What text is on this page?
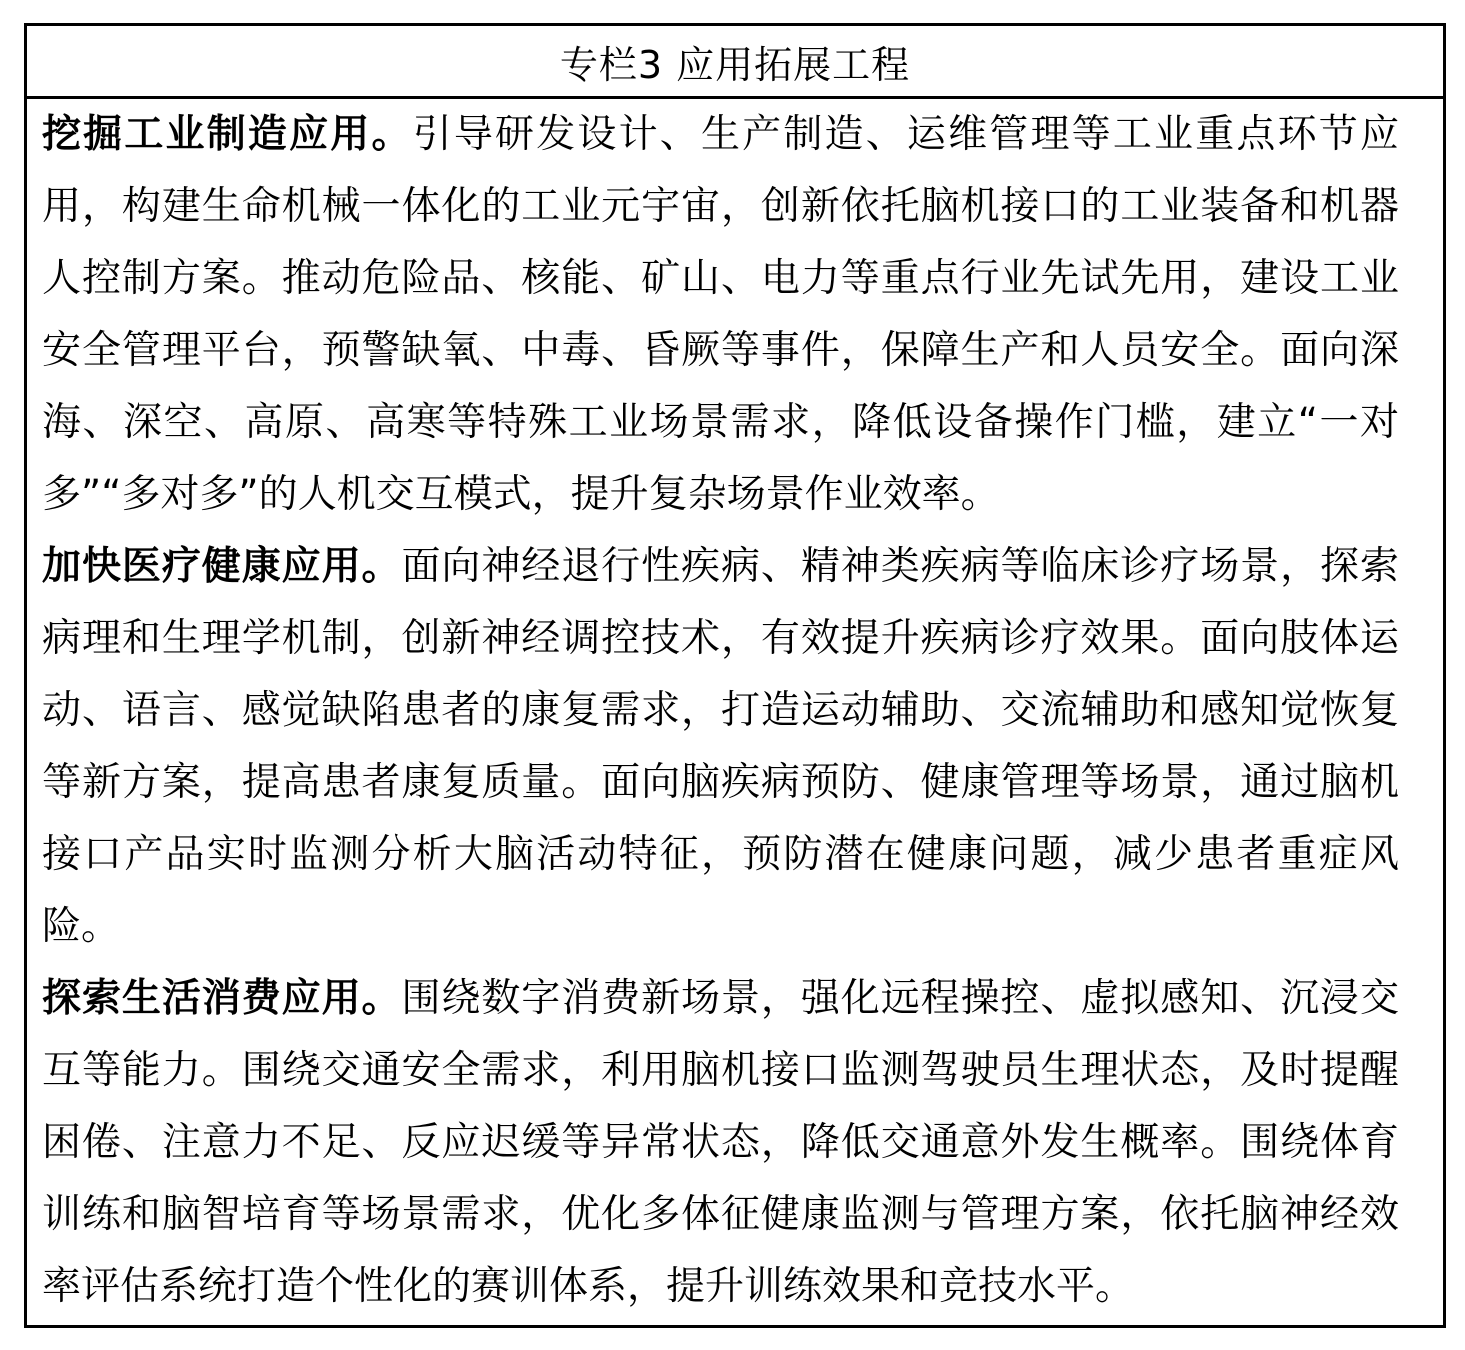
专栏3 应用拓展工程
挖掘工业制造应用。引导研发设计、生产制造、运维管理等工业重点环节应
用，构建生命机械一体化的工业元宇宙，创新依托脑机接口的工业装备和机器
人控制方案。推动危险品、核能、矿山、电力等重点行业先试先用，建设工业
安全管理平台，预警缺氧、中毒、昏厥等事件，保障生产和人员安全。面向深
海、深空、高原、高寒等特殊工业场景需求，降低设备操作门槛，建立“一对
多”“多对多”的人机交互模式，提升复杂场景作业效率。
加快医疗健康应用。面向神经退行性疾病、精神类疾病等临床诊疗场景，探索
病理和生理学机制，创新神经调控技术，有效提升疾病诊疗效果。面向肢体运
动、语言、感觉缺陷患者的康复需求，打造运动辅助、交流辅助和感知觉恢复
等新方案，提高患者康复质量。面向脑疾病预防、健康管理等场景，通过脑机
接口产品实时监测分析大脑活动特征，预防潜在健康问题，减少患者重症风
险。
探索生活消费应用。围绕数字消费新场景，强化远程操控、虚拟感知、沉浸交
互等能力。围绕交通安全需求，利用脑机接口监测驾驶员生理状态，及时提醒
困倦、注意力不足、反应迟缓等异常状态，降低交通意外发生概率。围绕体育
训练和脑智培育等场景需求，优化多体征健康监测与管理方案，依托脑神经效
率评估系统打造个性化的赛训体系，提升训练效果和竞技水平。
